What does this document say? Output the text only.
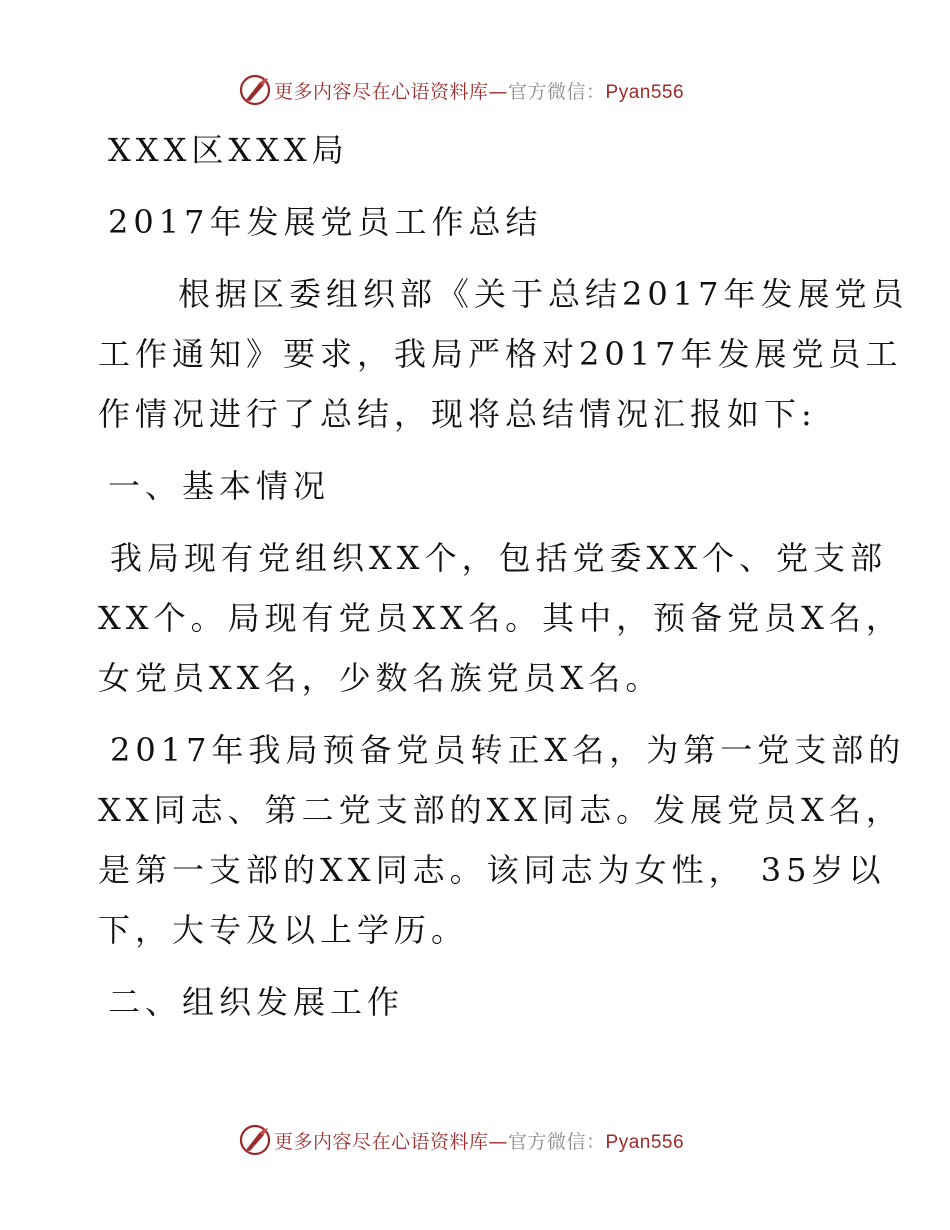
更多内容尽在心语资料库—官方微信：Pyan556

XXX区XXX局

2017年发展党员工作总结

根据区委组织部《关于总结2017年发展党员

工作通知》要求，我局严格对2017年发展党员工

作情况进行了总结，现将总结情况汇报如下:

一、基本情况

我局现有党组织XX个，包括党委XX个、党支部

XX个。局现有党员XX名。其中，预备党员X名，

女党员XX名，少数名族党员X名。

2017年我局预备党员转正X名，为第一党支部的

XX同志、第二党支部的XX同志。发展党员X名，

是第一支部的XX同志。该同志为女性， 35岁以

下，大专及以上学历。

二、组织发展工作

更多内容尽在心语资料库—官方微信：Pyan556
